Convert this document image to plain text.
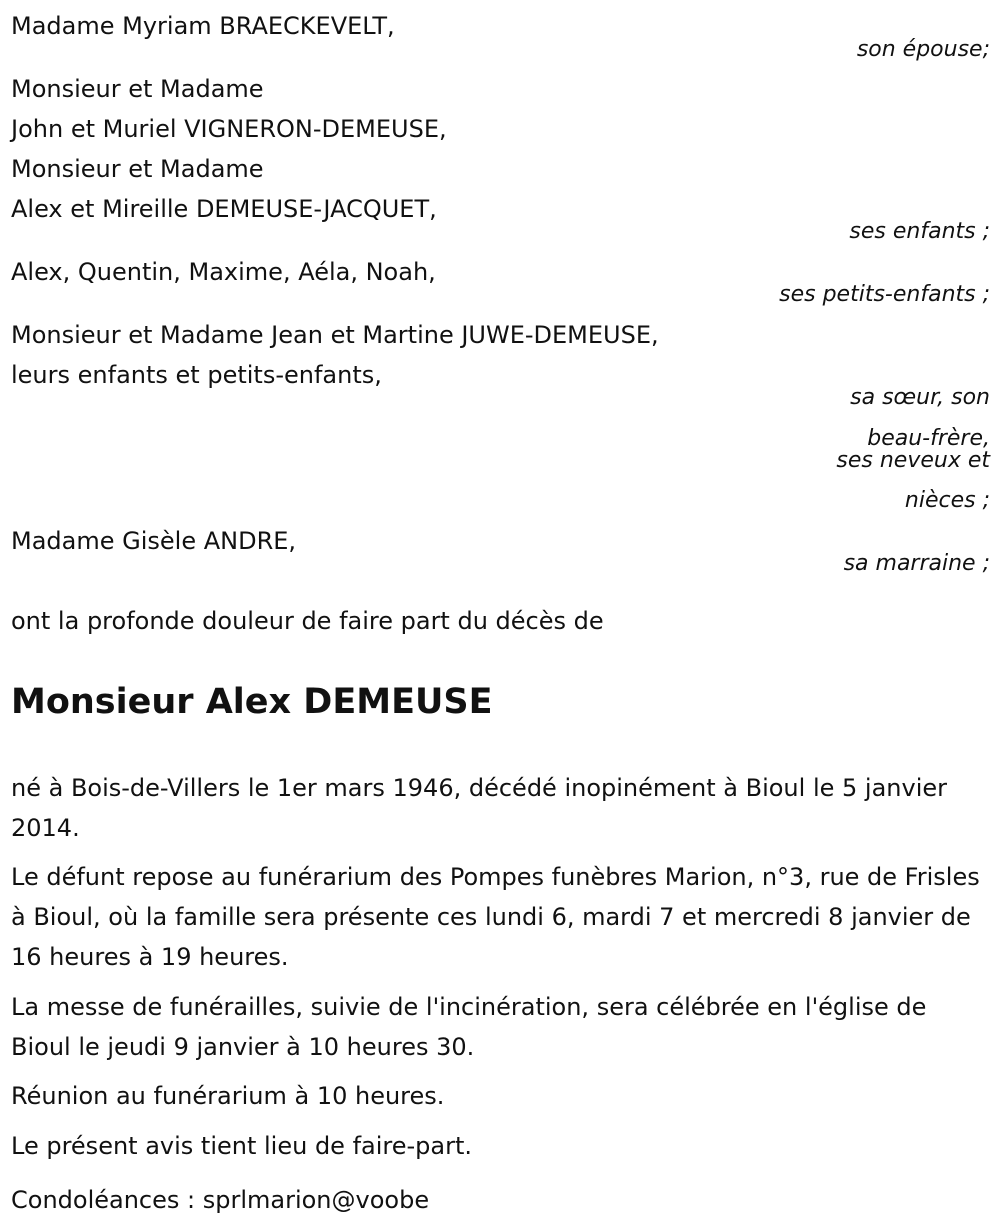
Madame Myriam BRAECKEVELT,
son épouse;
Monsieur et Madame
John et Muriel VIGNERON-DEMEUSE,
Monsieur et Madame
Alex et Mireille DEMEUSE-JACQUET,
ses enfants ;
Alex, Quentin, Maxime, Aéla, Noah,
ses petits-enfants ;
Monsieur et Madame Jean et Martine JUWE-DEMEUSE,
leurs enfants et petits-enfants,
sa sœur, son
beau-frère,
ses neveux et
nièces ;
Madame Gisèle ANDRE,
sa marraine ;
ont la profonde douleur de faire part du décès de
Monsieur Alex DEMEUSE
né à Bois-de-Villers le 1er mars 1946, décédé inopinément à Bioul le 5 janvier 2014.
Le défunt repose au funérarium des Pompes funèbres Marion, n°3, rue de Frisles à Bioul, où la famille sera présente ces lundi 6, mardi 7 et mercredi 8 janvier de 16 heures à 19 heures.
La messe de funérailles, suivie de l'incinération, sera célébrée en l'église de Bioul le jeudi 9 janvier à 10 heures 30.
Réunion au funérarium à 10 heures.
Le présent avis tient lieu de faire-part.
Condoléances : sprlmarion@voobe
